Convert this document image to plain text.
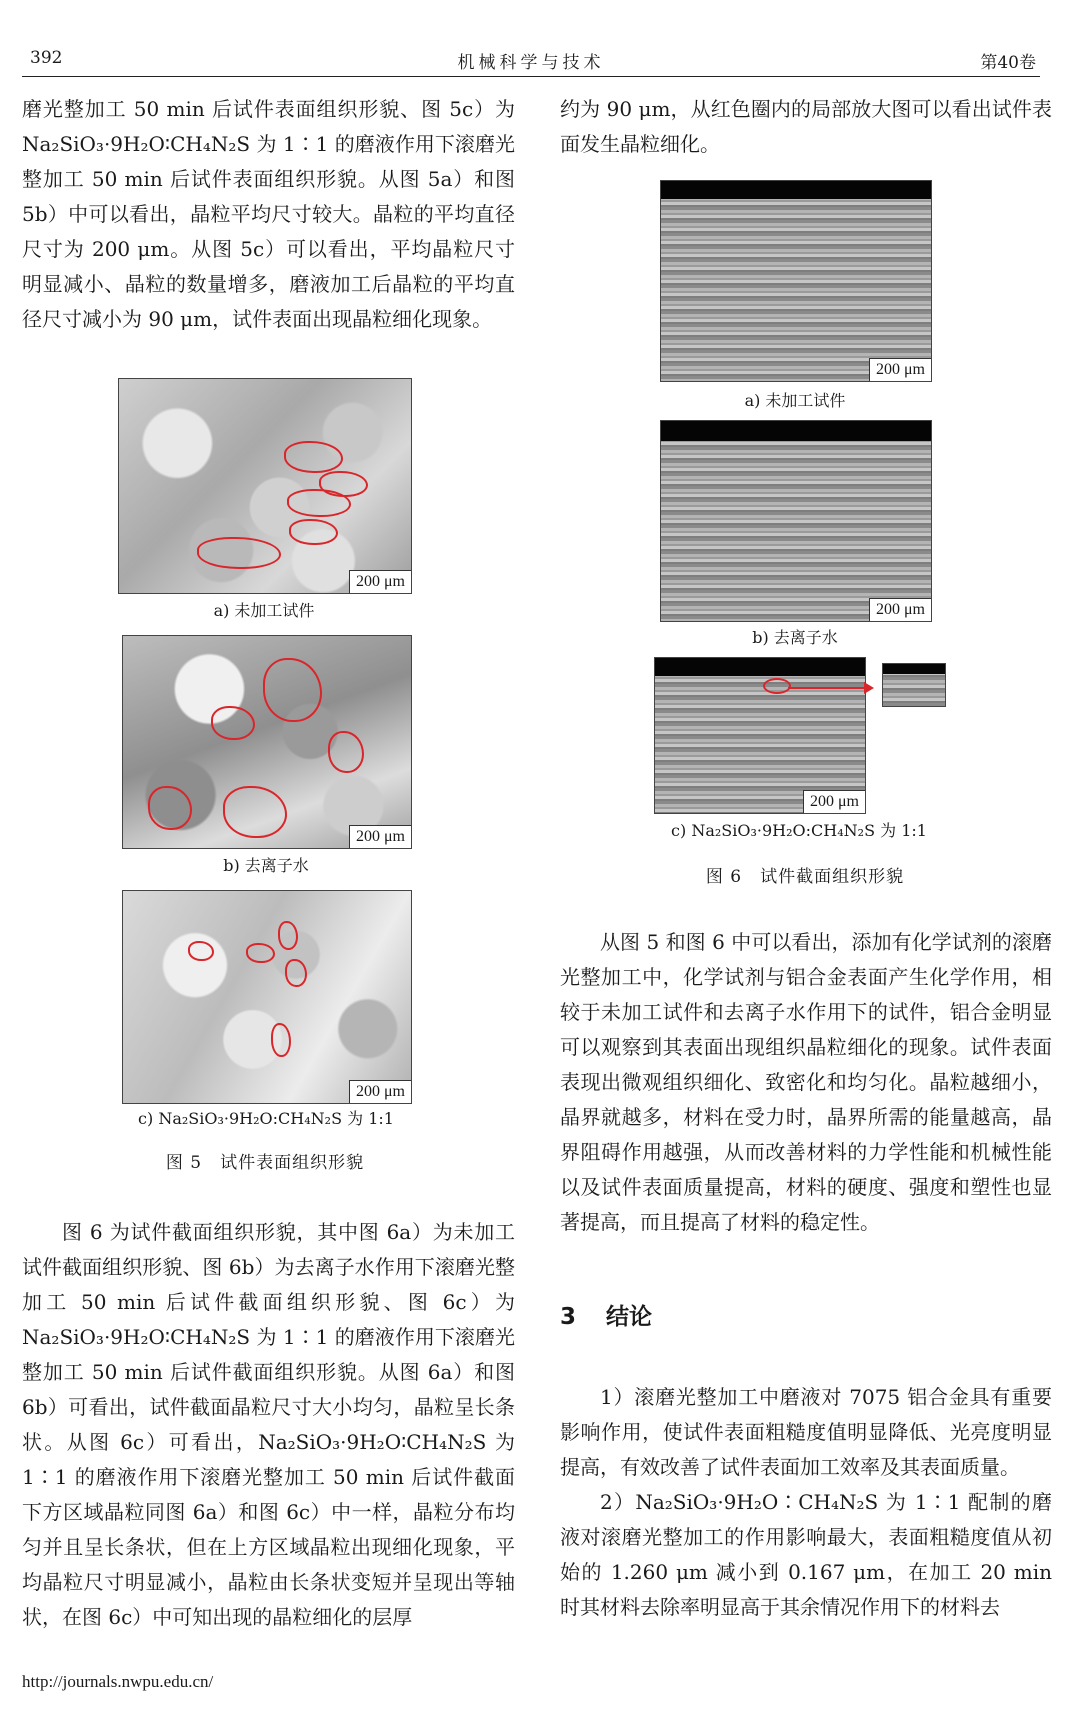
392	机械科学与技术	第40卷

磨光整加工 50 min 后试件表面组织形貌、图 5c）为 Na₂SiO₃·9H₂O∶CH₄N₂S 为 1∶1 的磨液作用下滚磨光整加工 50 min 后试件表面组织形貌。从图 5a）和图 5b）中可以看出，晶粒平均尺寸较大。晶粒的平均直径尺寸为 200 μm。从图 5c）可以看出，平均晶粒尺寸明显减小、晶粒的数量增多，磨液加工后晶粒的平均直径尺寸减小为 90 μm，试件表面出现晶粒细化现象。

200 μm
a) 未加工试件
200 μm
b) 去离子水
200 μm
c) Na₂SiO₃·9H₂O:CH₄N₂S 为 1:1
图 5　试件表面组织形貌

图 6 为试件截面组织形貌，其中图 6a）为未加工试件截面组织形貌、图 6b）为去离子水作用下滚磨光整加工 50 min 后试件截面组织形貌、图 6c）为 Na₂SiO₃·9H₂O∶CH₄N₂S 为 1∶1 的磨液作用下滚磨光整加工 50 min 后试件截面组织形貌。从图 6a）和图 6b）可看出，试件截面晶粒尺寸大小均匀，晶粒呈长条状。从图 6c）可看出，Na₂SiO₃·9H₂O∶CH₄N₂S 为 1∶1 的磨液作用下滚磨光整加工 50 min 后试件截面下方区域晶粒同图 6a）和图 6c）中一样，晶粒分布均匀并且呈长条状，但在上方区域晶粒出现细化现象，平均晶粒尺寸明显减小，晶粒由长条状变短并呈现出等轴状，在图 6c）中可知出现的晶粒细化的层厚

约为 90 μm，从红色圈内的局部放大图可以看出试件表面发生晶粒细化。

200 μm
a) 未加工试件
200 μm
b) 去离子水
200 μm
c) Na₂SiO₃·9H₂O:CH₄N₂S 为 1:1
图 6　试件截面组织形貌

从图 5 和图 6 中可以看出，添加有化学试剂的滚磨光整加工中，化学试剂与铝合金表面产生化学作用，相较于未加工试件和去离子水作用下的试件，铝合金明显可以观察到其表面出现组织晶粒细化的现象。试件表面表现出微观组织细化、致密化和均匀化。晶粒越细小，晶界就越多，材料在受力时，晶界所需的能量越高，晶界阻碍作用越强，从而改善材料的力学性能和机械性能以及试件表面质量提高，材料的硬度、强度和塑性也显著提高，而且提高了材料的稳定性。

3 结论

1）滚磨光整加工中磨液对 7075 铝合金具有重要影响作用，使试件表面粗糙度值明显降低、光亮度明显提高，有效改善了试件表面加工效率及其表面质量。

2）Na₂SiO₃·9H₂O∶CH₄N₂S 为 1∶1 配制的磨液对滚磨光整加工的作用影响最大，表面粗糙度值从初始的 1.260 μm 减小到 0.167 μm，在加工 20 min 时其材料去除率明显高于其余情况作用下的材料去

http://journals.nwpu.edu.cn/
